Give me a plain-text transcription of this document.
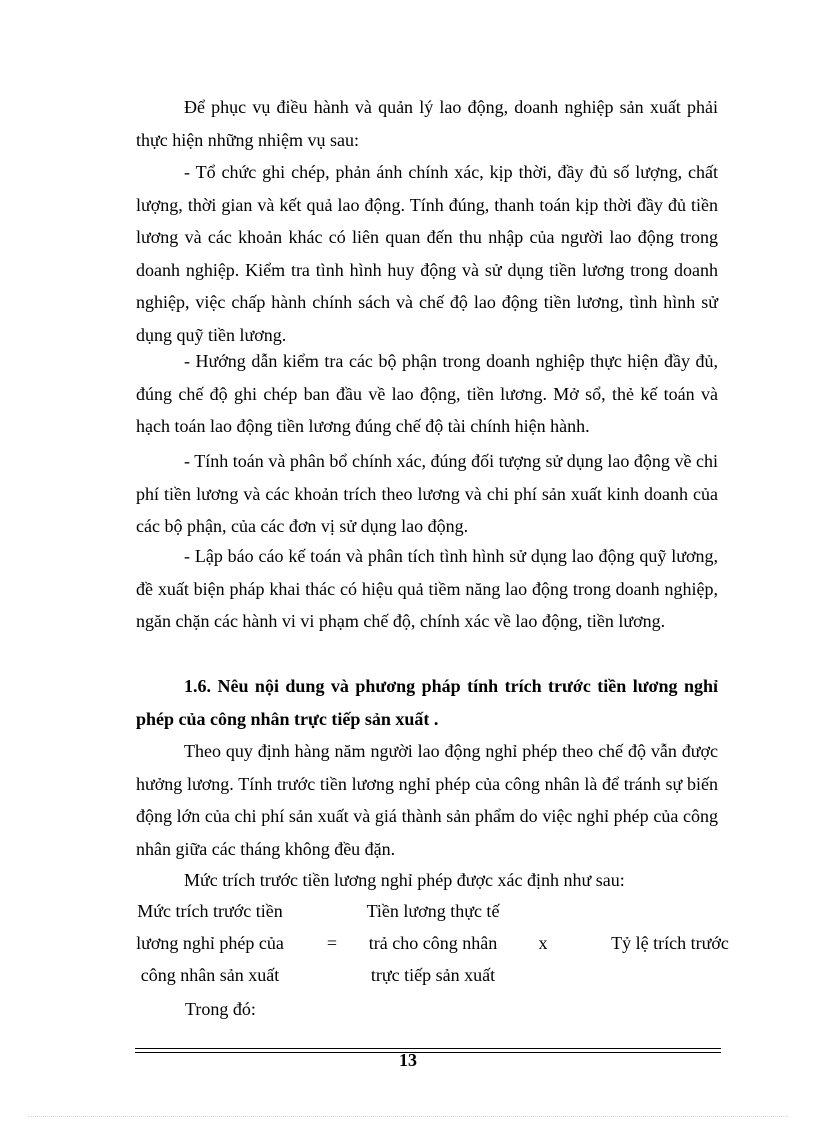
Để phục vụ điều hành và quản lý lao động, doanh nghiệp sản xuất phải thực hiện những nhiệm vụ sau:

- Tổ chức ghi chép, phản ánh chính xác, kịp thời, đầy đủ số lượng, chất lượng, thời gian và kết quả lao động. Tính đúng, thanh toán kịp thời đầy đủ tiền lương và các khoản khác có liên quan đến thu nhập của người lao động trong doanh nghiệp. Kiểm tra tình hình huy động và sử dụng tiền lương trong doanh nghiệp, việc chấp hành chính sách và chế độ lao động tiền lương, tình hình sử dụng quỹ tiền lương.

- Hướng dẫn kiểm tra các bộ phận trong doanh nghiệp thực hiện đầy đủ, đúng chế độ ghi chép ban đầu về lao động, tiền lương. Mở sổ, thẻ kế toán và hạch toán lao động tiền lương đúng chế độ tài chính hiện hành.

- Tính toán và phân bổ chính xác, đúng đối tượng sử dụng lao động về chi phí tiền lương và các khoản trích theo lương và chi phí sản xuất kinh doanh của các bộ phận, của các đơn vị sử dụng lao động.

- Lập báo cáo kế toán và phân tích tình hình sử dụng lao động quỹ lương, đề xuất biện pháp khai thác có hiệu quả tiềm năng lao động trong doanh nghiệp, ngăn chặn các hành vi vi phạm chế độ, chính xác về lao động, tiền lương.

1.6. Nêu nội dung và phương pháp tính trích trước tiền lương nghỉ phép của công nhân trực tiếp sản xuất .

Theo quy định hàng năm người lao động nghỉ phép theo chế độ vẫn được hưởng lương. Tính trước tiền lương nghỉ phép của công nhân là để tránh sự biến động lớn của chi phí sản xuất và giá thành sản phẩm do việc nghỉ phép của công nhân giữa các tháng không đều đặn.

Mức trích trước tiền lương nghỉ phép được xác định như sau:

Mức trích trước tiền
lương nghỉ phép của
công nhân sản xuất
=
Tiền lương thực tế
trả cho công nhân
trực tiếp sản xuất
x	Tỷ lệ trích trước
Trong đó:
13
